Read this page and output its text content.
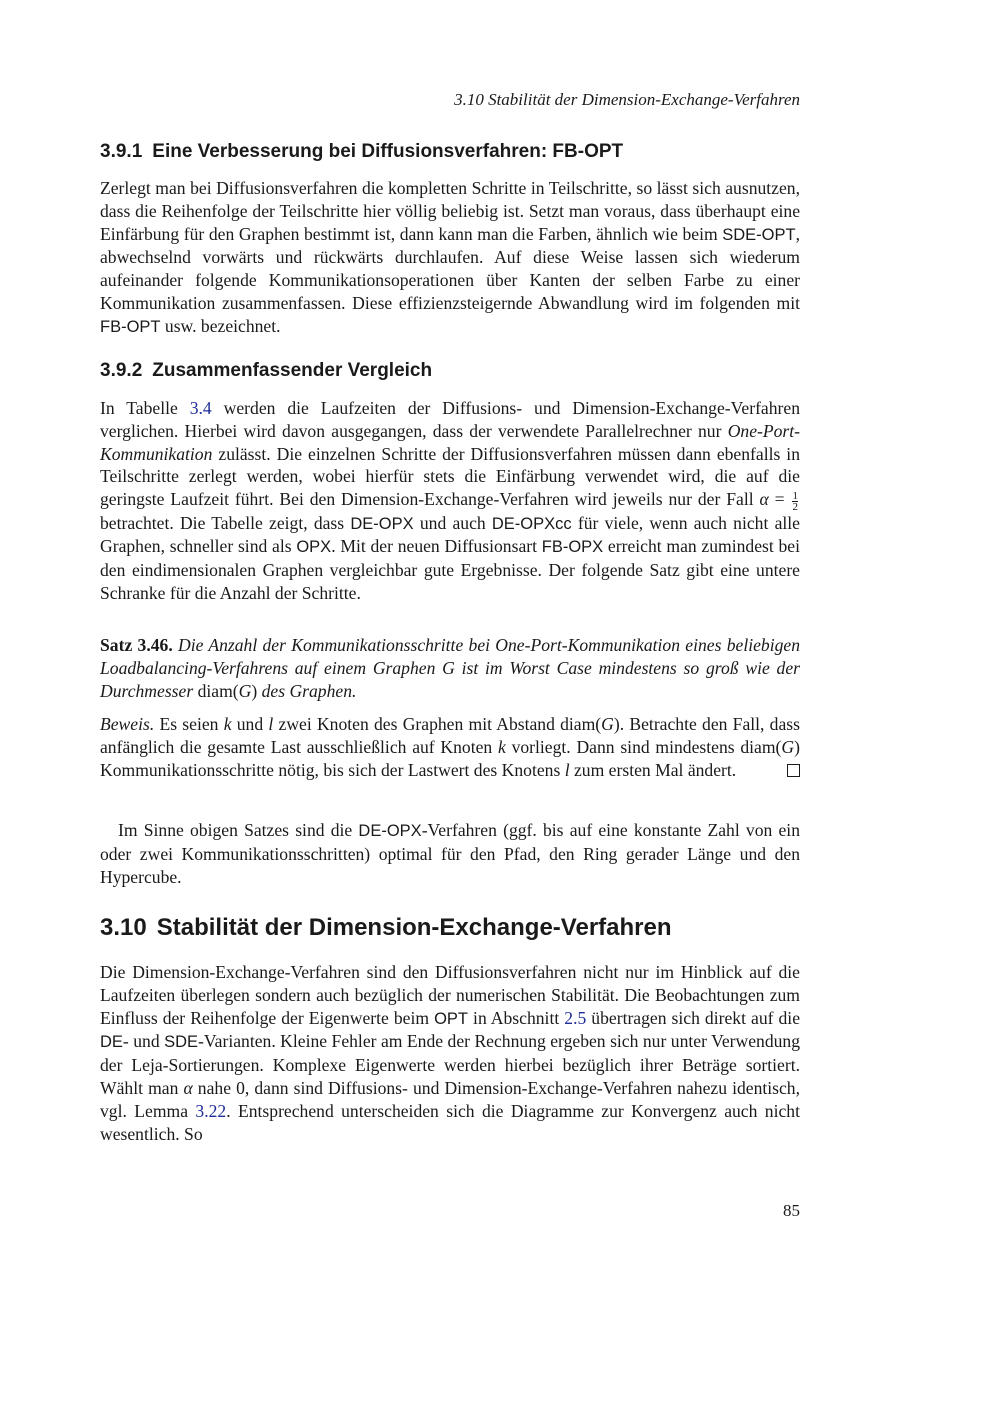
3.10 Stabilität der Dimension-Exchange-Verfahren
3.9.1 Eine Verbesserung bei Diffusionsverfahren: FB-OPT
Zerlegt man bei Diffusionsverfahren die kompletten Schritte in Teilschritte, so lässt sich ausnutzen, dass die Reihenfolge der Teilschritte hier völlig beliebig ist. Setzt man voraus, dass überhaupt eine Einfärbung für den Graphen bestimmt ist, dann kann man die Farben, ähnlich wie beim SDE-OPT, abwechselnd vorwärts und rückwärts durchlaufen. Auf diese Weise lassen sich wiederum aufeinander folgende Kommunikationsoperationen über Kanten der selben Farbe zu einer Kommunikation zusammenfassen. Diese effizienzsteigernde Abwandlung wird im folgenden mit FB-OPT usw. bezeichnet.
3.9.2 Zusammenfassender Vergleich
In Tabelle 3.4 werden die Laufzeiten der Diffusions- und Dimension-Exchange-Verfahren verglichen. Hierbei wird davon ausgegangen, dass der verwendete Parallelrechner nur One-Port-Kommunikation zulässt. Die einzelnen Schritte der Diffusionsverfahren müssen dann ebenfalls in Teilschritte zerlegt werden, wobei hierfür stets die Einfärbung verwendet wird, die auf die geringste Laufzeit führt. Bei den Dimension-Exchange-Verfahren wird jeweils nur der Fall $\alpha = \frac{1}{2}$
betrachtet. Die Tabelle zeigt, dass DE-OPX und auch DE-OPXcc für viele, wenn auch nicht alle Graphen, schneller sind als OPX. Mit der neuen Diffusionsart FB-OPX erreicht man zumindest bei den eindimensionalen Graphen vergleichbar gute Ergebnisse. Der folgende Satz gibt eine untere Schranke für die Anzahl der Schritte.
Satz 3.46. Die Anzahl der Kommunikationsschritte bei One-Port-Kommunikation eines beliebigen Loadbalancing-Verfahrens auf einem Graphen G ist im Worst Case mindestens so groß wie der Durchmesser diam(G) des Graphen.
Beweis. Es seien k und l zwei Knoten des Graphen mit Abstand diam(G). Betrachte den Fall, dass anfänglich die gesamte Last ausschließlich auf Knoten k vorliegt. Dann sind mindestens diam(G) Kommunikationsschritte nötig, bis sich der Lastwert des Knotens l zum ersten Mal ändert.
Im Sinne obigen Satzes sind die DE-OPX-Verfahren (ggf. bis auf eine konstante Zahl von ein oder zwei Kommunikationsschritten) optimal für den Pfad, den Ring gerader Länge und den Hypercube.
3.10 Stabilität der Dimension-Exchange-Verfahren
Die Dimension-Exchange-Verfahren sind den Diffusionsverfahren nicht nur im Hinblick auf die Laufzeiten überlegen sondern auch bezüglich der numerischen Stabilität. Die Beobachtungen zum Einfluss der Reihenfolge der Eigenwerte beim OPT in Abschnitt 2.5 übertragen sich direkt auf die DE- und SDE-Varianten. Kleine Fehler am Ende der Rechnung ergeben sich nur unter Verwendung der Leja-Sortierungen. Komplexe Eigenwerte werden hierbei bezüglich ihrer Beträge sortiert. Wählt man α nahe 0, dann sind Diffusions- und Dimension-Exchange-Verfahren nahezu identisch, vgl. Lemma 3.22. Entsprechend unterscheiden sich die Diagramme zur Konvergenz auch nicht wesentlich. So
85
